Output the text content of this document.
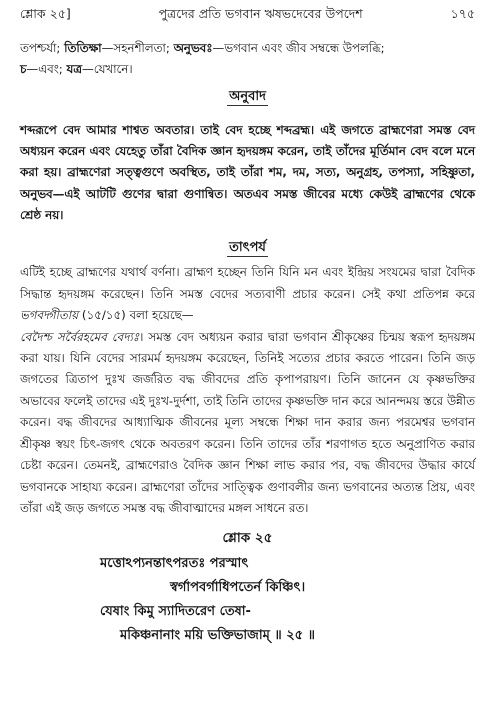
শ্লোক ২৫]	পুত্রদের প্রতি ভগবান ঋষভদেবের উপদেশ	১৭৫

তপশ্চর্যা; তিতিক্ষা—সহনশীলতা; অনুভবঃ—ভগবান এবং জীব সম্বন্ধে উপলব্ধি;
চ—এবং; যত্র—যেখানে।

অনুবাদ

শব্দরূপে বেদ আমার শাশ্বত অবতার। তাই বেদ হচ্ছে শব্দব্রহ্ম। এই জগতে ব্রাহ্মণেরা সমস্ত বেদ অধ্যয়ন করেন এবং যেহেতু তাঁরা বৈদিক জ্ঞান হৃদয়ঙ্গম করেন, তাই তাঁদের মূর্তিমান বেদ বলে মনে করা হয়। ব্রাহ্মণেরা সত্ত্বগুণে অবস্থিত, তাই তাঁরা শম, দম, সত্য, অনুগ্রহ, তপস্যা, সহিষ্ণুতা, অনুভব—এই আটটি গুণের দ্বারা গুণান্বিত। অতএব সমস্ত জীবের মধ্যে কেউই ব্রাহ্মণের থেকে শ্রেষ্ঠ নয়।

তাৎপর্য

এটিই হচ্ছে ব্রাহ্মণের যথার্থ বর্ণনা। ব্রাহ্মণ হচ্ছেন তিনি যিনি মন এবং ইন্দ্রিয় সংযমের দ্বারা বৈদিক সিদ্ধান্ত হৃদয়ঙ্গম করেছেন। তিনি সমস্ত বেদের সত্যবাণী প্রচার করেন। সেই কথা প্রতিপন্ন করে ভগবদ্গীতায় (১৫/১৫) বলা হয়েছে—
বেদৈশ্চ সর্বৈরহমেব বেদ্যঃ। সমস্ত বেদ অধ্যয়ন করার দ্বারা ভগবান শ্রীকৃষ্ণের চিন্ময় স্বরূপ হৃদয়ঙ্গম করা যায়। যিনি বেদের সারমর্ম হৃদয়ঙ্গম করেছেন, তিনিই সত্যের প্রচার করতে পারেন। তিনি জড় জগতের ত্রিতাপ দুঃখ জর্জরিত বদ্ধ জীবদের প্রতি কৃপাপরায়ণ। তিনি জানেন যে কৃষ্ণভক্তির অভাবের ফলেই তাদের এই দুঃখ-দুর্দশা, তাই তিনি তাদের কৃষ্ণভক্তি দান করে আনন্দময় স্তরে উন্নীত করেন। বদ্ধ জীবদের আধ্যাত্মিক জীবনের মূল্য সম্বন্ধে শিক্ষা দান করার জন্য পরমেশ্বর ভগবান শ্রীকৃষ্ণ স্বয়ং চিৎ-জগৎ থেকে অবতরণ করেন। তিনি তাদের তাঁর শরণাগত হতে অনুপ্রাণিত করার চেষ্টা করেন। তেমনই, ব্রাহ্মণেরাও বৈদিক জ্ঞান শিক্ষা লাভ করার পর, বদ্ধ জীবদের উদ্ধার কার্যে ভগবানকে সাহায্য করেন। ব্রাহ্মণেরা তাঁদের সাত্ত্বিক গুণাবলীর জন্য ভগবানের অত্যন্ত প্রিয়, এবং তাঁরা এই জড় জগতে সমস্ত বদ্ধ জীবাত্মাদের মঙ্গল সাধনে রত।

শ্লোক ২৫
মত্তোঽপ্যনন্তাৎপরতঃ পরস্মাৎ
স্বর্গাপবর্গাধিপতের্ন কিঞ্চিৎ।
যেষাং কিমু স্যাদিতরেণ তেষা-
মকিঞ্চনানাং ময়ি ভক্তিভাজাম্ ॥ ২৫ ॥
